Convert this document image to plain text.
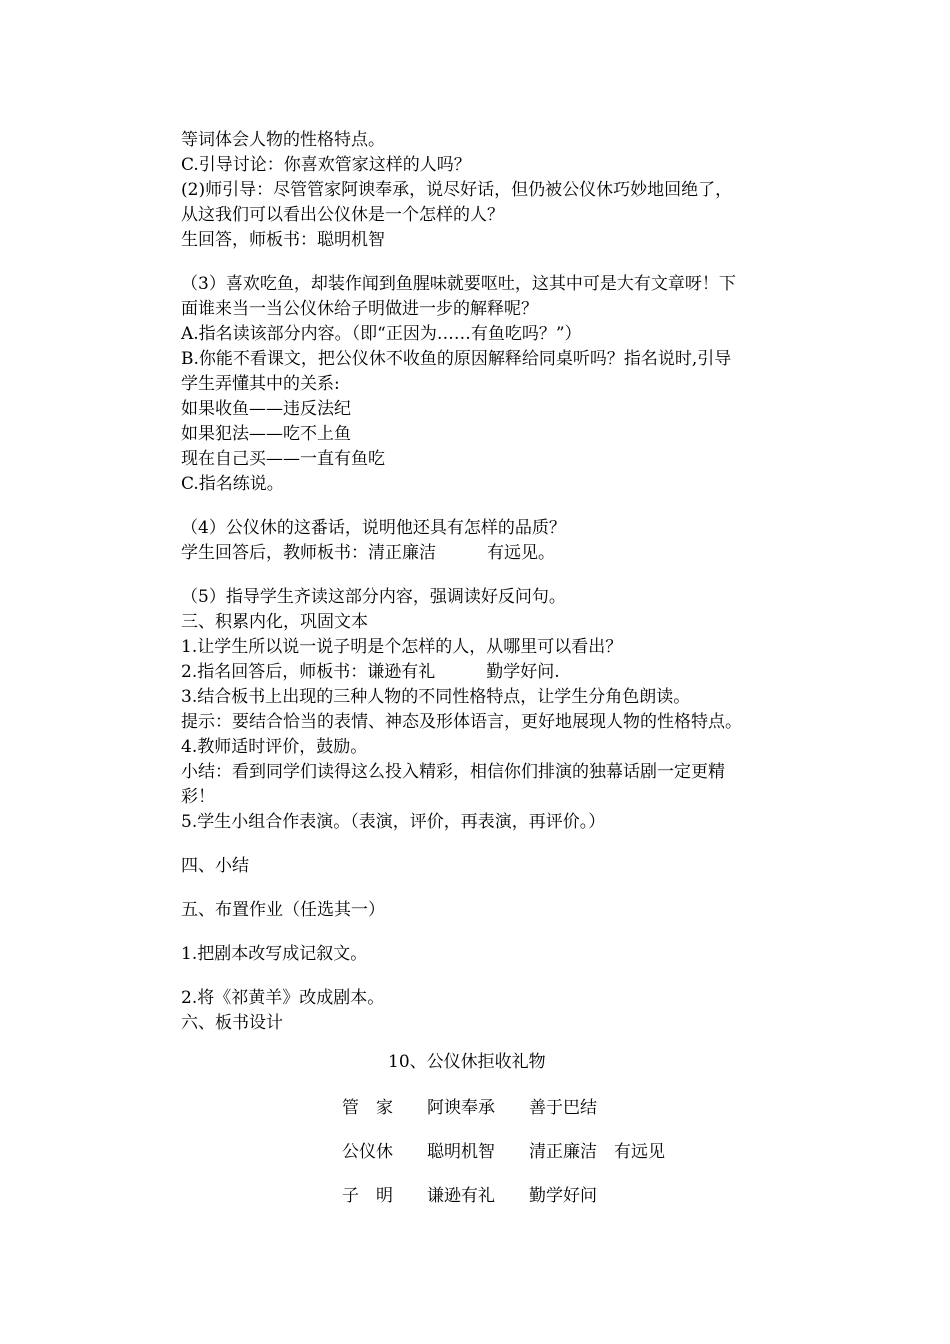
等词体会人物的性格特点。
C.引导讨论：你喜欢管家这样的人吗？
(2)师引导：尽管管家阿谀奉承，说尽好话，但仍被公仪休巧妙地回绝了，
从这我们可以看出公仪休是一个怎样的人？
生回答，师板书：聪明机智
（3）喜欢吃鱼，却装作闻到鱼腥味就要呕吐，这其中可是大有文章呀！下
面谁来当一当公仪休给子明做进一步的解释呢？
A.指名读该部分内容。（即“正因为……有鱼吃吗？”）
B.你能不看课文，把公仪休不收鱼的原因解释给同桌听吗？指名说时,引导
学生弄懂其中的关系:
如果收鱼——违反法纪
如果犯法——吃不上鱼
现在自己买——一直有鱼吃
C.指名练说。
（4）公仪休的这番话，说明他还具有怎样的品质？
学生回答后，教师板书：清正廉洁　　　有远见。
（5）指导学生齐读这部分内容，强调读好反问句。
三、积累内化，巩固文本
1.让学生所以说一说子明是个怎样的人，从哪里可以看出？
2.指名回答后，师板书：谦逊有礼　　　勤学好问.
3.结合板书上出现的三种人物的不同性格特点，让学生分角色朗读。
提示：要结合恰当的表情、神态及形体语言，更好地展现人物的性格特点。
4.教师适时评价，鼓励。
小结：看到同学们读得这么投入精彩，相信你们排演的独幕话剧一定更精
彩！
5.学生小组合作表演。（表演，评价，再表演，再评价。）
四、小结
五、布置作业（任选其一）
1.把剧本改写成记叙文。
2.将《祁黄羊》改成剧本。
六、板书设计
10、公仪休拒收礼物
管　家　　阿谀奉承　　善于巴结
公仪休　　聪明机智　　清正廉洁　有远见
子　明　　谦逊有礼　　勤学好问
